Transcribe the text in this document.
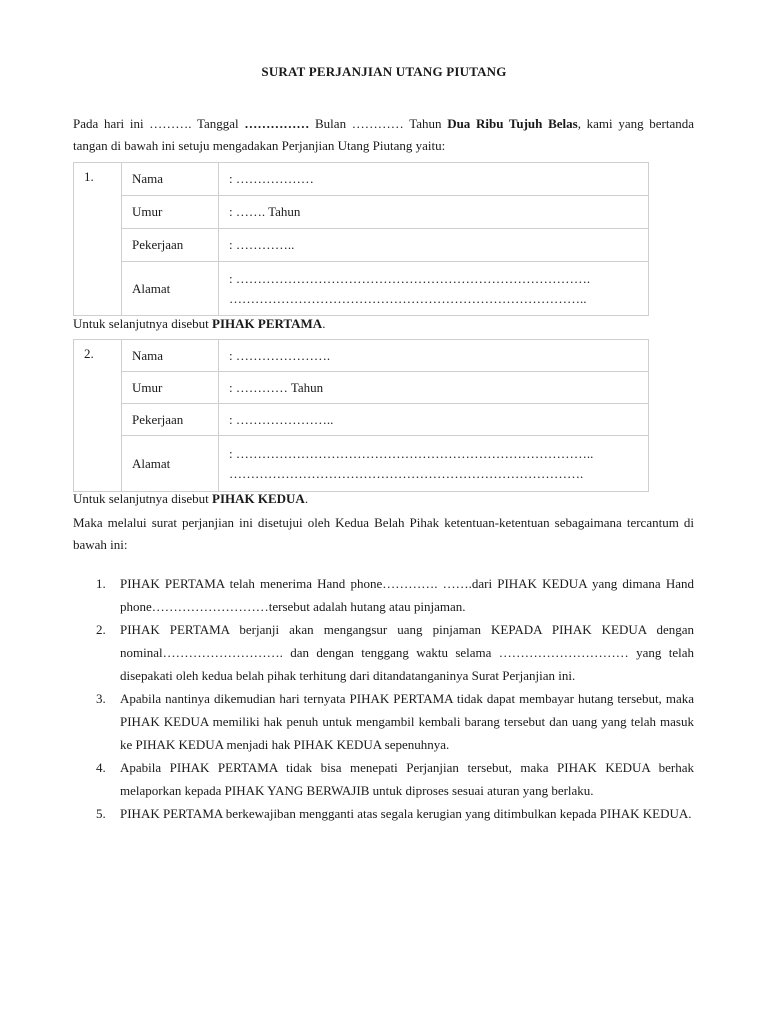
SURAT PERJANJIAN UTANG PIUTANG
Pada hari ini ………. Tanggal …………… Bulan ………… Tahun Dua Ribu Tujuh Belas, kami yang bertanda tangan di bawah ini setuju mengadakan Perjanjian Utang Piutang yaitu:
1.	Nama	: ………………
	Umur	: ……. Tahun
	Pekerjaan	: …………..
	Alamat	: ……………………………………………………………………….
………………………………………………………………………..
Untuk selanjutnya disebut PIHAK PERTAMA.
2.	Nama	: ………………….
	Umur	: ………… Tahun
	Pekerjaan	: …………………..
	Alamat	: ………………………………………………………………………..
……………………………………………………………………….
Untuk selanjutnya disebut PIHAK KEDUA.
Maka melalui surat perjanjian ini disetujui oleh Kedua Belah Pihak ketentuan-ketentuan sebagaimana tercantum di bawah ini:
1. PIHAK PERTAMA telah menerima Hand phone…………. …….dari PIHAK KEDUA yang dimana Hand phone………………………tersebut adalah hutang atau pinjaman.
2. PIHAK PERTAMA berjanji akan mengangsur uang pinjaman KEPADA PIHAK KEDUA dengan nominal………………………. dan dengan tenggang waktu selama ………………………… yang telah disepakati oleh kedua belah pihak terhitung dari ditandatanganinya Surat Perjanjian ini.
3. Apabila nantinya dikemudian hari ternyata PIHAK PERTAMA tidak dapat membayar hutang tersebut, maka PIHAK KEDUA memiliki hak penuh untuk mengambil kembali barang tersebut dan uang yang telah masuk ke PIHAK KEDUA menjadi hak PIHAK KEDUA sepenuhnya.
4. Apabila PIHAK PERTAMA tidak bisa menepati Perjanjian tersebut, maka PIHAK KEDUA berhak melaporkan kepada PIHAK YANG BERWAJIB untuk diproses sesuai aturan yang berlaku.
5. PIHAK PERTAMA berkewajiban mengganti atas segala kerugian yang ditimbulkan kepada PIHAK KEDUA.
